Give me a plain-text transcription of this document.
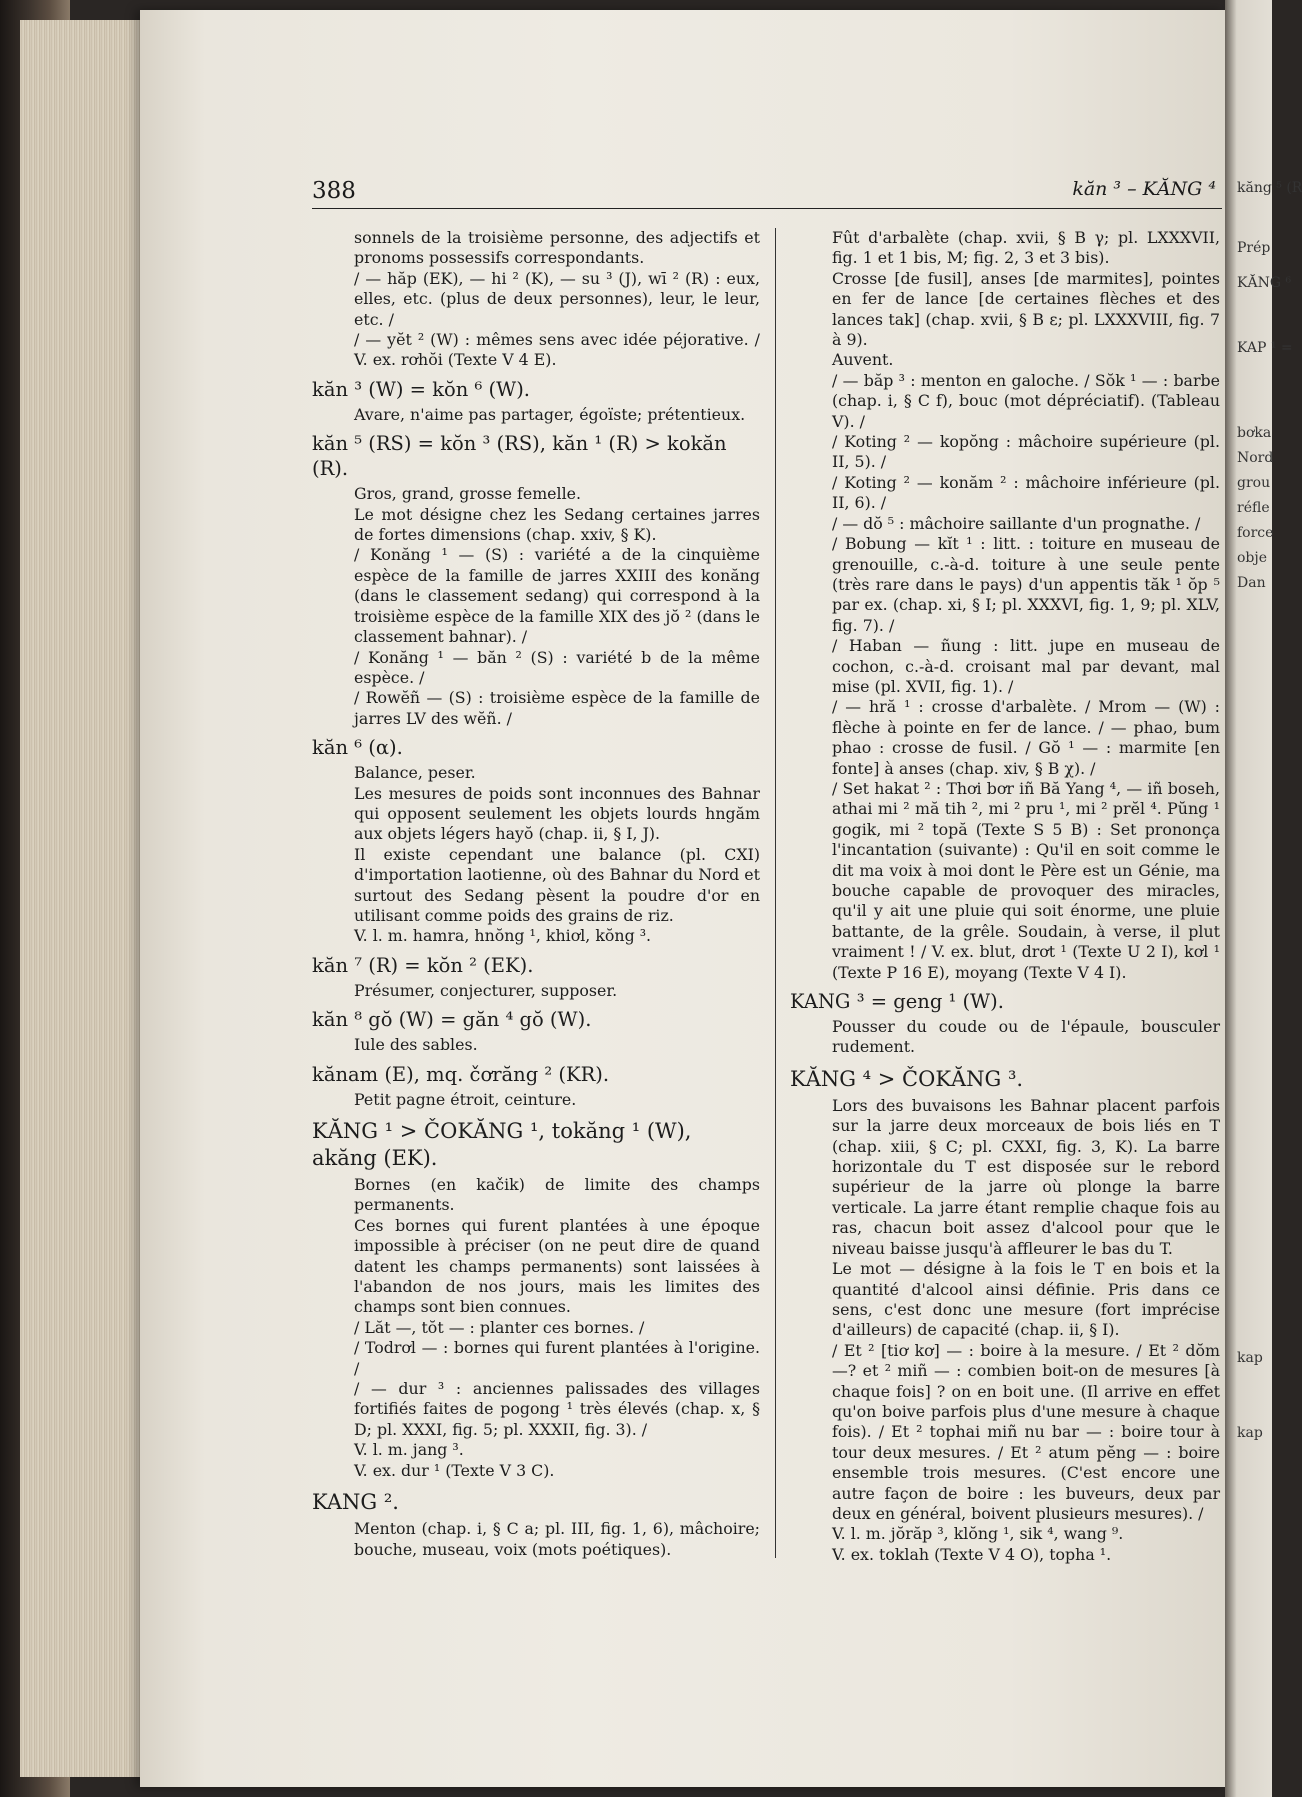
kăng ⁵ (R
Prép
KĂNG ⁶
KAP ¹ =
bơka
Nord
grou
réfle
force
obje
Dan
kap
kap
388	kăn ³ – KĂNG ⁴

sonnels de la troisième personne, des adjectifs et pronoms possessifs correspondants.

/ — hăp (EK), — hi ² (K), — su ³ (J), wī ² (R) : eux, elles, etc. (plus de deux personnes), leur, le leur, etc. /

/ — yĕt ² (W) : mêmes sens avec idée péjorative. / V. ex. rơhŏi (Texte V 4 E).

kăn ³ (W) = kŏn ⁶ (W).

Avare, n'aime pas partager, égoïste; prétentieux.

kăn ⁵ (RS) = kŏn ³ (RS), kăn ¹ (R) > kokăn (R).

Gros, grand, grosse femelle.

Le mot désigne chez les Sedang certaines jarres de fortes dimensions (chap. xxiv, § K).

/ Konăng ¹ — (S) : variété a de la cinquième espèce de la famille de jarres XXIII des konăng (dans le classement sedang) qui correspond à la troisième espèce de la famille XIX des jŏ ² (dans le classement bahnar). /

/ Konăng ¹ — băn ² (S) : variété b de la même espèce. /

/ Rowĕñ — (S) : troisième espèce de la famille de jarres LV des wĕñ. /

kăn ⁶ (α).

Balance, peser.

Les mesures de poids sont inconnues des Bahnar qui opposent seulement les objets lourds hngăm aux objets légers hayŏ (chap. ii, § I, J).

Il existe cependant une balance (pl. CXI) d'importation laotienne, où des Bahnar du Nord et surtout des Sedang pèsent la poudre d'or en utilisant comme poids des grains de riz.

V. l. m. hamra, hnŏng ¹, khiơl, kŏng ³.

kăn ⁷ (R) = kŏn ² (EK).

Présumer, conjecturer, supposer.

kăn ⁸ gŏ (W) = găn ⁴ gŏ (W).

Iule des sables.

kănam (E), mq. čơrăng ² (KR).

Petit pagne étroit, ceinture.

KĂNG ¹ > ČOKĂNG ¹, tokăng ¹ (W), akăng (EK).

Bornes (en kačik) de limite des champs permanents.

Ces bornes qui furent plantées à une époque impossible à préciser (on ne peut dire de quand datent les champs permanents) sont laissées à l'abandon de nos jours, mais les limites des champs sont bien connues.

/ Lăt —, tŏt — : planter ces bornes. /

/ Todrơl — : bornes qui furent plantées à l'origine. /

/ — dur ³ : anciennes palissades des villages fortifiés faites de pogong ¹ très élevés (chap. x, § D; pl. XXXI, fig. 5; pl. XXXII, fig. 3). /

V. l. m. jang ³.

V. ex. dur ¹ (Texte V 3 C).

KANG ².

Menton (chap. i, § C a; pl. III, fig. 1, 6), mâchoire; bouche, museau, voix (mots poétiques).

Fût d'arbalète (chap. xvii, § B γ; pl. LXXXVII, fig. 1 et 1 bis, M; fig. 2, 3 et 3 bis).

Crosse [de fusil], anses [de marmites], pointes en fer de lance [de certaines flèches et des lances tak] (chap. xvii, § B ε; pl. LXXXVIII, fig. 7 à 9).

Auvent.

/ — băp ³ : menton en galoche. / Sŏk ¹ — : barbe (chap. i, § C f), bouc (mot dépréciatif). (Tableau V). /

/ Koting ² — kopŏng : mâchoire supérieure (pl. II, 5). /

/ Koting ² — konăm ² : mâchoire inférieure (pl. II, 6). /

/ — dŏ ⁵ : mâchoire saillante d'un prognathe. /

/ Bobung — kĭt ¹ : litt. : toiture en museau de grenouille, c.-à-d. toiture à une seule pente (très rare dans le pays) d'un appentis tăk ¹ ŏp ⁵ par ex. (chap. xi, § I; pl. XXXVI, fig. 1, 9; pl. XLV, fig. 7). /

/ Haban — ñung : litt. jupe en museau de cochon, c.-à-d. croisant mal par devant, mal mise (pl. XVII, fig. 1). /

/ — hră ¹ : crosse d'arbalète. / Mrom — (W) : flèche à pointe en fer de lance. / — phao, bum phao : crosse de fusil. / Gŏ ¹ — : marmite [en fonte] à anses (chap. xiv, § B χ). /

/ Set hakat ² : Thơi bơr iñ Bă Yang ⁴, — iñ boseh, athai mi ² mă tih ², mi ² pru ¹, mi ² prĕl ⁴. Pŭng ¹ gogik, mi ² topă (Texte S 5 B) : Set prononça l'incantation (suivante) : Qu'il en soit comme le dit ma voix à moi dont le Père est un Génie, ma bouche capable de provoquer des miracles, qu'il y ait une pluie qui soit énorme, une pluie battante, de la grêle. Soudain, à verse, il plut vraiment ! / V. ex. blut, drơt ¹ (Texte U 2 I), kơl ¹ (Texte P 16 E), moyang (Texte V 4 I).

KANG ³ = geng ¹ (W).

Pousser du coude ou de l'épaule, bousculer rudement.

KĂNG ⁴ > ČOKĂNG ³.

Lors des buvaisons les Bahnar placent parfois sur la jarre deux morceaux de bois liés en T (chap. xiii, § C; pl. CXXI, fig. 3, K). La barre horizontale du T est disposée sur le rebord supérieur de la jarre où plonge la barre verticale. La jarre étant remplie chaque fois au ras, chacun boit assez d'alcool pour que le niveau baisse jusqu'à affleurer le bas du T.

Le mot — désigne à la fois le T en bois et la quantité d'alcool ainsi définie. Pris dans ce sens, c'est donc une mesure (fort imprécise d'ailleurs) de capacité (chap. ii, § I).

/ Et ² [tiơ kơ] — : boire à la mesure. / Et ² dŏm —? et ² miñ — : combien boit-on de mesures [à chaque fois] ? on en boit une. (Il arrive en effet qu'on boive parfois plus d'une mesure à chaque fois). / Et ² tophai miñ nu bar — : boire tour à tour deux mesures. / Et ² atum pĕng — : boire ensemble trois mesures. (C'est encore une autre façon de boire : les buveurs, deux par deux en général, boivent plusieurs mesures). /

V. l. m. jŏrăp ³, klŏng ¹, sik ⁴, wang ⁹.

V. ex. toklah (Texte V 4 O), topha ¹.
